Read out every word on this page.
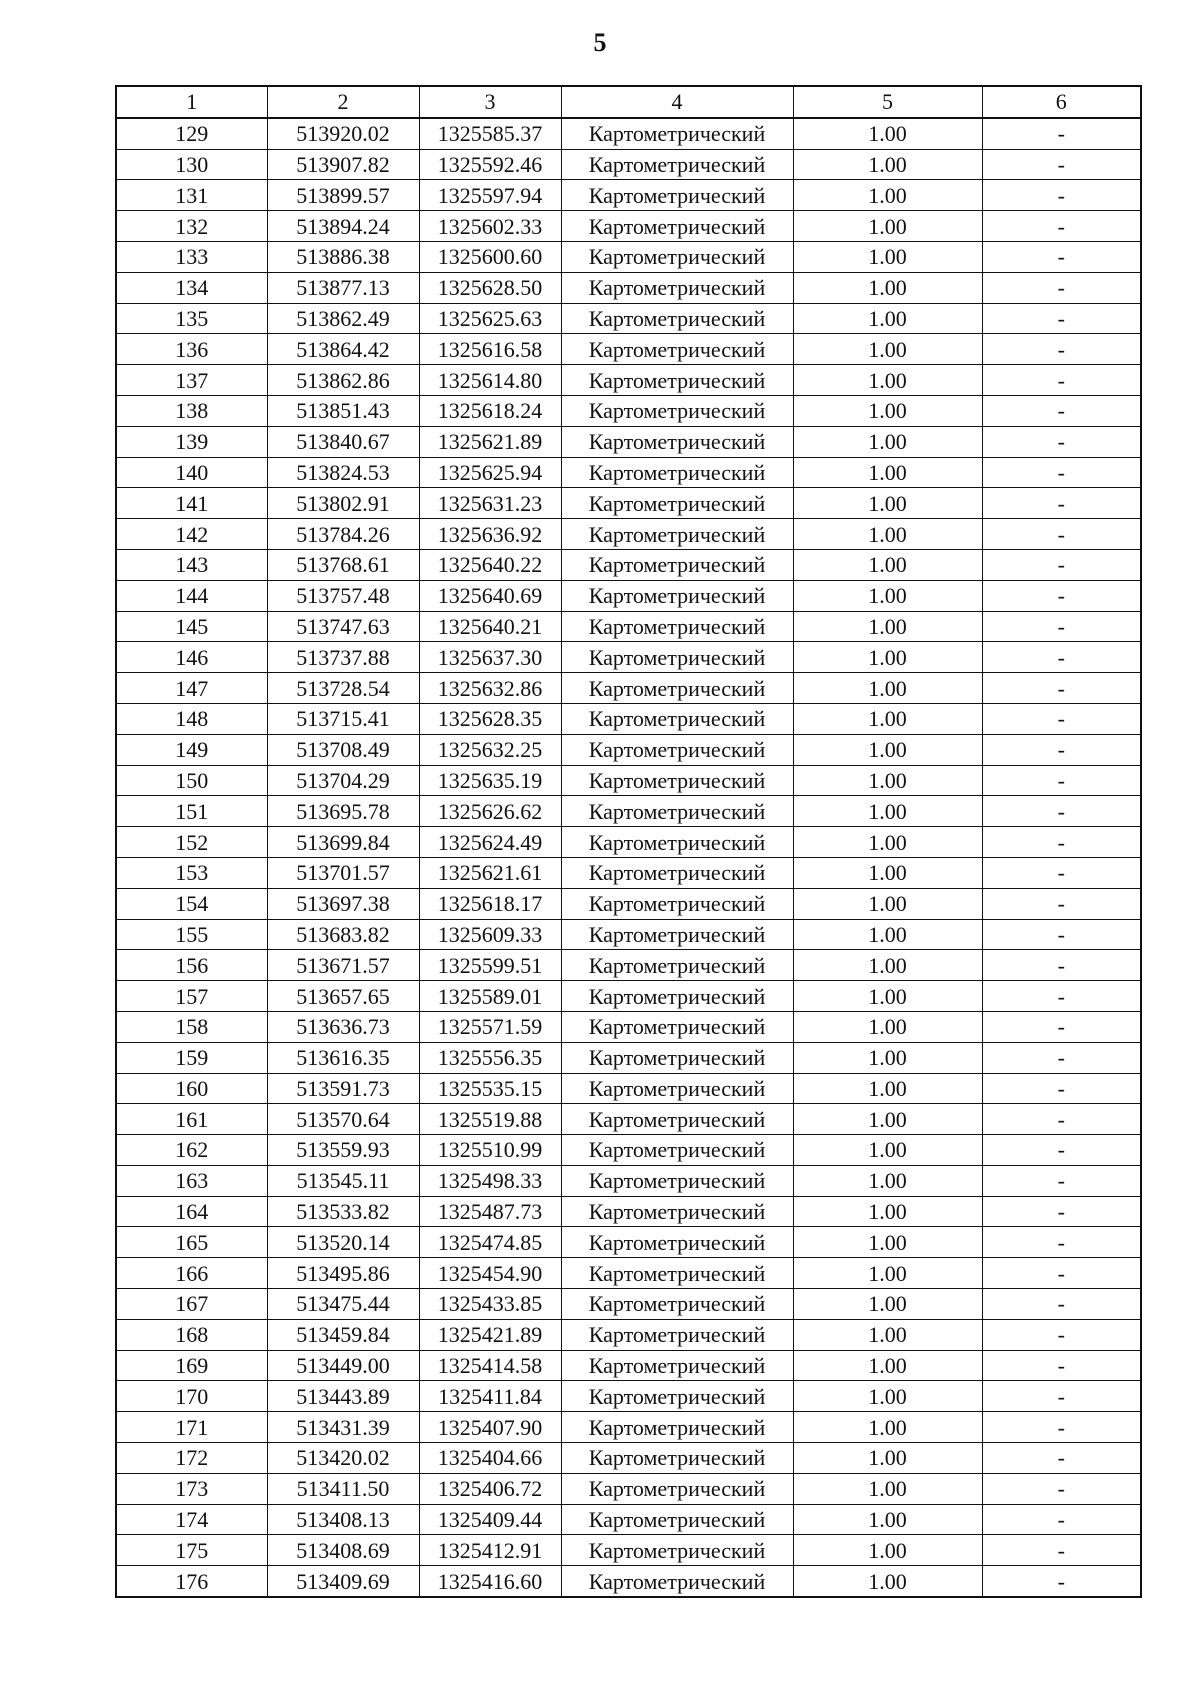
5
1	2	3	4	5	6
129	513920.02	1325585.37	Картометрический	1.00	-
130	513907.82	1325592.46	Картометрический	1.00	-
131	513899.57	1325597.94	Картометрический	1.00	-
132	513894.24	1325602.33	Картометрический	1.00	-
133	513886.38	1325600.60	Картометрический	1.00	-
134	513877.13	1325628.50	Картометрический	1.00	-
135	513862.49	1325625.63	Картометрический	1.00	-
136	513864.42	1325616.58	Картометрический	1.00	-
137	513862.86	1325614.80	Картометрический	1.00	-
138	513851.43	1325618.24	Картометрический	1.00	-
139	513840.67	1325621.89	Картометрический	1.00	-
140	513824.53	1325625.94	Картометрический	1.00	-
141	513802.91	1325631.23	Картометрический	1.00	-
142	513784.26	1325636.92	Картометрический	1.00	-
143	513768.61	1325640.22	Картометрический	1.00	-
144	513757.48	1325640.69	Картометрический	1.00	-
145	513747.63	1325640.21	Картометрический	1.00	-
146	513737.88	1325637.30	Картометрический	1.00	-
147	513728.54	1325632.86	Картометрический	1.00	-
148	513715.41	1325628.35	Картометрический	1.00	-
149	513708.49	1325632.25	Картометрический	1.00	-
150	513704.29	1325635.19	Картометрический	1.00	-
151	513695.78	1325626.62	Картометрический	1.00	-
152	513699.84	1325624.49	Картометрический	1.00	-
153	513701.57	1325621.61	Картометрический	1.00	-
154	513697.38	1325618.17	Картометрический	1.00	-
155	513683.82	1325609.33	Картометрический	1.00	-
156	513671.57	1325599.51	Картометрический	1.00	-
157	513657.65	1325589.01	Картометрический	1.00	-
158	513636.73	1325571.59	Картометрический	1.00	-
159	513616.35	1325556.35	Картометрический	1.00	-
160	513591.73	1325535.15	Картометрический	1.00	-
161	513570.64	1325519.88	Картометрический	1.00	-
162	513559.93	1325510.99	Картометрический	1.00	-
163	513545.11	1325498.33	Картометрический	1.00	-
164	513533.82	1325487.73	Картометрический	1.00	-
165	513520.14	1325474.85	Картометрический	1.00	-
166	513495.86	1325454.90	Картометрический	1.00	-
167	513475.44	1325433.85	Картометрический	1.00	-
168	513459.84	1325421.89	Картометрический	1.00	-
169	513449.00	1325414.58	Картометрический	1.00	-
170	513443.89	1325411.84	Картометрический	1.00	-
171	513431.39	1325407.90	Картометрический	1.00	-
172	513420.02	1325404.66	Картометрический	1.00	-
173	513411.50	1325406.72	Картометрический	1.00	-
174	513408.13	1325409.44	Картометрический	1.00	-
175	513408.69	1325412.91	Картометрический	1.00	-
176	513409.69	1325416.60	Картометрический	1.00	-
